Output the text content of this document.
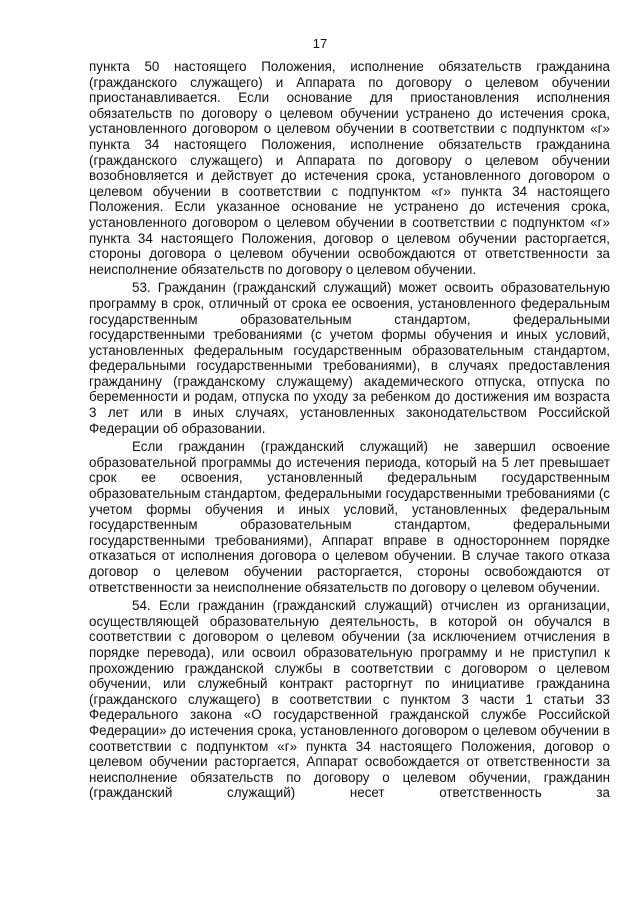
17

пункта 50 настоящего Положения, исполнение обязательств гражданина (гражданского служащего) и Аппарата по договору о целевом обучении приостанавливается. Если основание для приостановления исполнения обязательств по договору о целевом обучении устранено до истечения срока, установленного договором о целевом обучении в соответствии с подпунктом «г» пункта 34 настоящего Положения, исполнение обязательств гражданина (гражданского служащего) и Аппарата по договору о целевом обучении возобновляется и действует до истечения срока, установленного договором о целевом обучении в соответствии с подпунктом «г» пункта 34 настоящего Положения. Если указанное основание не устранено до истечения срока, установленного договором о целевом обучении в соответствии с подпунктом «г» пункта 34 настоящего Положения, договор о целевом обучении расторгается, стороны договора о целевом обучении освобождаются от ответственности за неисполнение обязательств по договору о целевом обучении.

53. Гражданин (гражданский служащий) может освоить образовательную программу в срок, отличный от срока ее освоения, установленного федеральным государственным образовательным стандартом, федеральными государственными требованиями (с учетом формы обучения и иных условий, установленных федеральным государственным образовательным стандартом, федеральными государственными требованиями), в случаях предоставления гражданину (гражданскому служащему) академического отпуска, отпуска по беременности и родам, отпуска по уходу за ребенком до достижения им возраста 3 лет или в иных случаях, установленных законодательством Российской Федерации об образовании.

Если гражданин (гражданский служащий) не завершил освоение образовательной программы до истечения периода, который на 5 лет превышает срок ее освоения, установленный федеральным государственным образовательным стандартом, федеральными государственными требованиями (с учетом формы обучения и иных условий, установленных федеральным государственным образовательным стандартом, федеральными государственными требованиями), Аппарат вправе в одностороннем порядке отказаться от исполнения договора о целевом обучении. В случае такого отказа договор о целевом обучении расторгается, стороны освобождаются от ответственности за неисполнение обязательств по договору о целевом обучении.

54. Если гражданин (гражданский служащий) отчислен из организации, осуществляющей образовательную деятельность, в которой он обучался в соответствии с договором о целевом обучении (за исключением отчисления в порядке перевода), или освоил образовательную программу и не приступил к прохождению гражданской службы в соответствии с договором о целевом обучении, или служебный контракт расторгнут по инициативе гражданина (гражданского служащего) в соответствии с пунктом 3 части 1 статьи 33 Федерального закона «О государственной гражданской службе Российской Федерации» до истечения срока, установленного договором о целевом обучении в соответствии с подпунктом «г» пункта 34 настоящего Положения, договор о целевом обучении расторгается, Аппарат освобождается от ответственности за неисполнение обязательств по договору о целевом обучении, гражданин (гражданский служащий) несет ответственность за
